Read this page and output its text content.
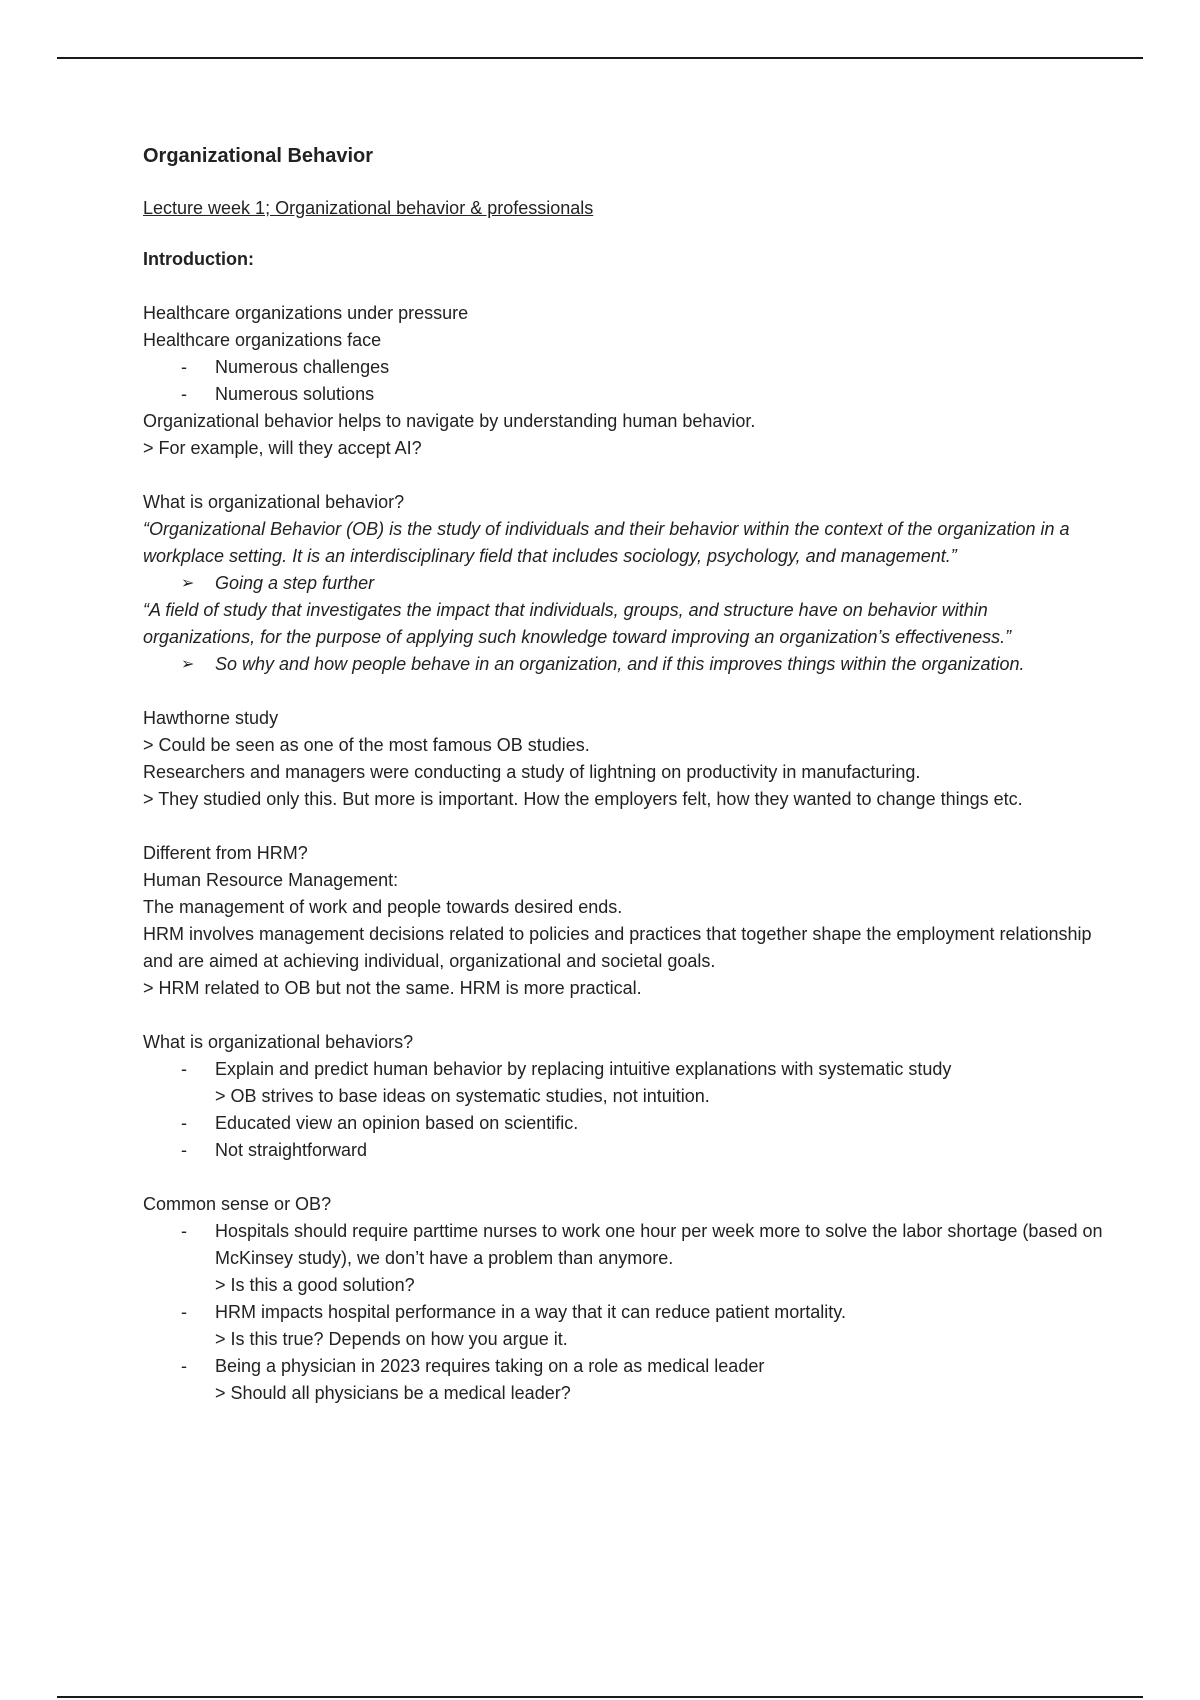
Organizational Behavior
Lecture week 1; Organizational behavior & professionals
Introduction:

Healthcare organizations under pressure

Healthcare organizations face

- Numerous challenges
- Numerous solutions

Organizational behavior helps to navigate by understanding human behavior.

> For example, will they accept AI?

What is organizational behavior?

“Organizational Behavior (OB) is the study of individuals and their behavior within the context of the organization in a workplace setting. It is an interdisciplinary field that includes sociology, psychology, and management.”

➢ Going a step further

“A field of study that investigates the impact that individuals, groups, and structure have on behavior within organizations, for the purpose of applying such knowledge toward improving an organization’s effectiveness.”

➢ So why and how people behave in an organization, and if this improves things within the organization.

Hawthorne study

> Could be seen as one of the most famous OB studies.

Researchers and managers were conducting a study of lightning on productivity in manufacturing.

> They studied only this. But more is important. How the employers felt, how they wanted to change things etc.

Different from HRM?

Human Resource Management:

The management of work and people towards desired ends.

HRM involves management decisions related to policies and practices that together shape the employment relationship and are aimed at achieving individual, organizational and societal goals.

> HRM related to OB but not the same. HRM is more practical.

What is organizational behaviors?

- Explain and predict human behavior by replacing intuitive explanations with systematic study
> OB strives to base ideas on systematic studies, not intuition.
- Educated view an opinion based on scientific.
- Not straightforward

Common sense or OB?

- Hospitals should require parttime nurses to work one hour per week more to solve the labor shortage (based on McKinsey study), we don’t have a problem than anymore.
> Is this a good solution?
- HRM impacts hospital performance in a way that it can reduce patient mortality.
> Is this true? Depends on how you argue it.
- Being a physician in 2023 requires taking on a role as medical leader
> Should all physicians be a medical leader?
